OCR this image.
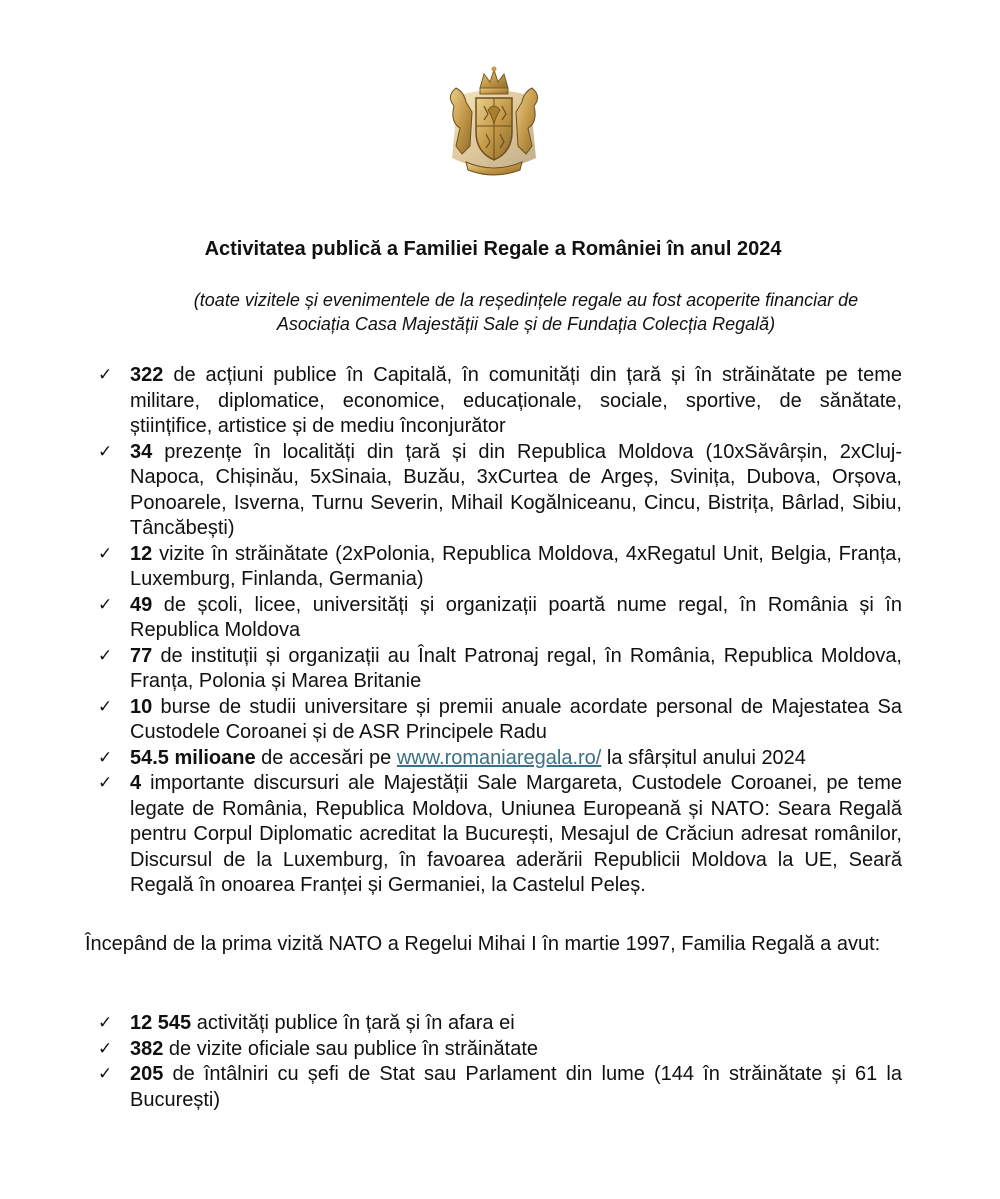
Activitatea publică a Familiei Regale a României în anul 2024
(toate vizitele și evenimentele de la reședințele regale au fost acoperite financiar de
Asociația Casa Majestății Sale și de Fundația Colecția Regală)
✓ 322 de acțiuni publice în Capitală, în comunități din țară și în străinătate pe teme militare, diplomatice, economice, educaționale, sociale, sportive, de sănătate, științifice, artistice și de mediu înconjurător
✓ 34 prezențe în localități din țară și din Republica Moldova (10xSăvârșin, 2xCluj-Napoca, Chișinău, 5xSinaia, Buzău, 3xCurtea de Argeș, Svinița, Dubova, Orșova, Ponoarele, Isverna, Turnu Severin, Mihail Kogălniceanu, Cincu, Bistrița, Bârlad, Sibiu, Tâncăbești)
✓ 12 vizite în străinătate (2xPolonia, Republica Moldova, 4xRegatul Unit, Belgia, Franța, Luxemburg, Finlanda, Germania)
✓ 49 de școli, licee, universități și organizații poartă nume regal, în România și în Republica Moldova
✓ 77 de instituții și organizații au Înalt Patronaj regal, în România, Republica Moldova, Franța, Polonia și Marea Britanie
✓ 10 burse de studii universitare și premii anuale acordate personal de Majestatea Sa Custodele Coroanei și de ASR Principele Radu
✓ 54.5 milioane de accesări pe www.romaniaregala.ro/ la sfârșitul anului 2024
✓ 4 importante discursuri ale Majestății Sale Margareta, Custodele Coroanei, pe teme legate de România, Republica Moldova, Uniunea Europeană și NATO: Seara Regală pentru Corpul Diplomatic acreditat la București, Mesajul de Crăciun adresat românilor, Discursul de la Luxemburg, în favoarea aderării Republicii Moldova la UE, Seară Regală în onoarea Franței și Germaniei, la Castelul Peleș.
Începând de la prima vizită NATO a Regelui Mihai I în martie 1997, Familia Regală a avut:
✓ 12 545 activități publice în țară și în afara ei
✓ 382 de vizite oficiale sau publice în străinătate
✓ 205 de întâlniri cu șefi de Stat sau Parlament din lume (144 în străinătate și 61 la București)
